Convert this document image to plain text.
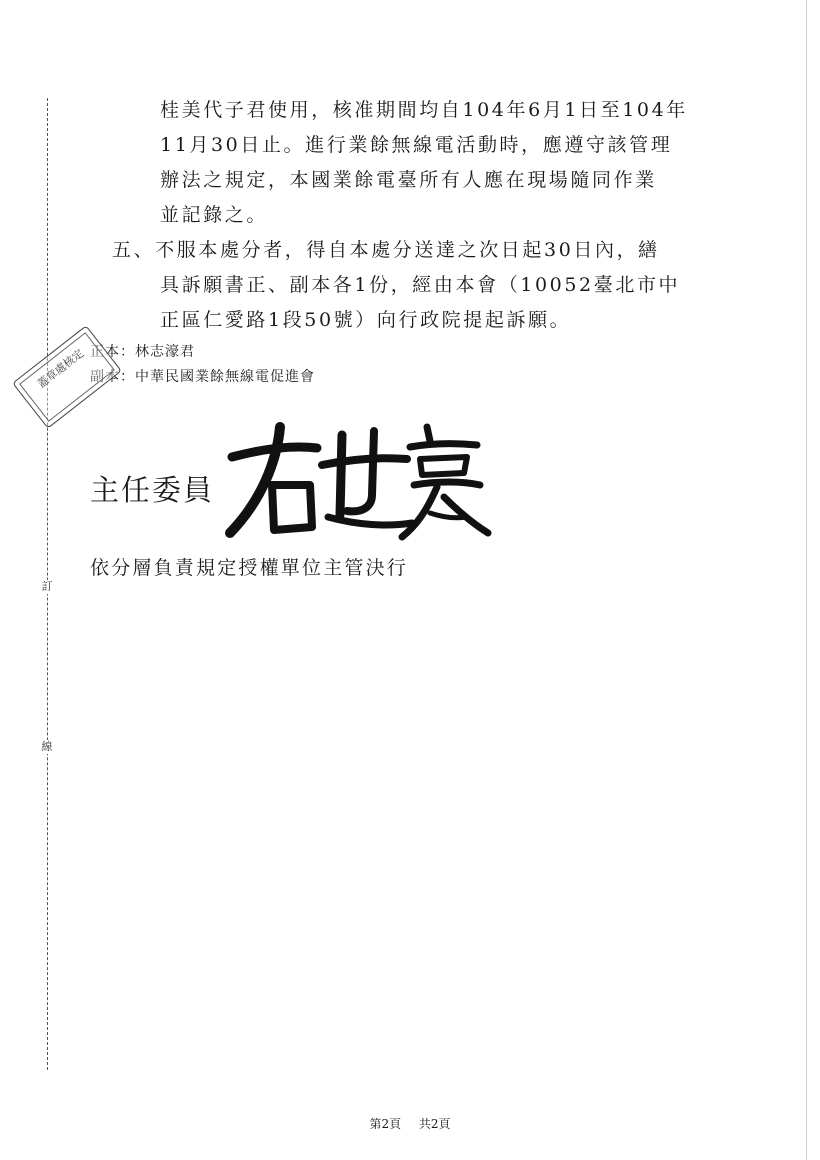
訂
線
桂美代子君使用，核准期間均自104年6月1日至104年
11月30日止。進行業餘無線電活動時，應遵守該管理
辦法之規定，本國業餘電臺所有人應在現場隨同作業
並記錄之。
五、不服本處分者，得自本處分送達之次日起30日內，繕
具訴願書正、副本各1份，經由本會（10052臺北市中
正區仁愛路1段50號）向行政院提起訴願。
正本：林志濠君
副本：中華民國業餘無線電促進會
蓋章處核定
主任委員
依分層負責規定授權單位主管決行
第2頁 共2頁
